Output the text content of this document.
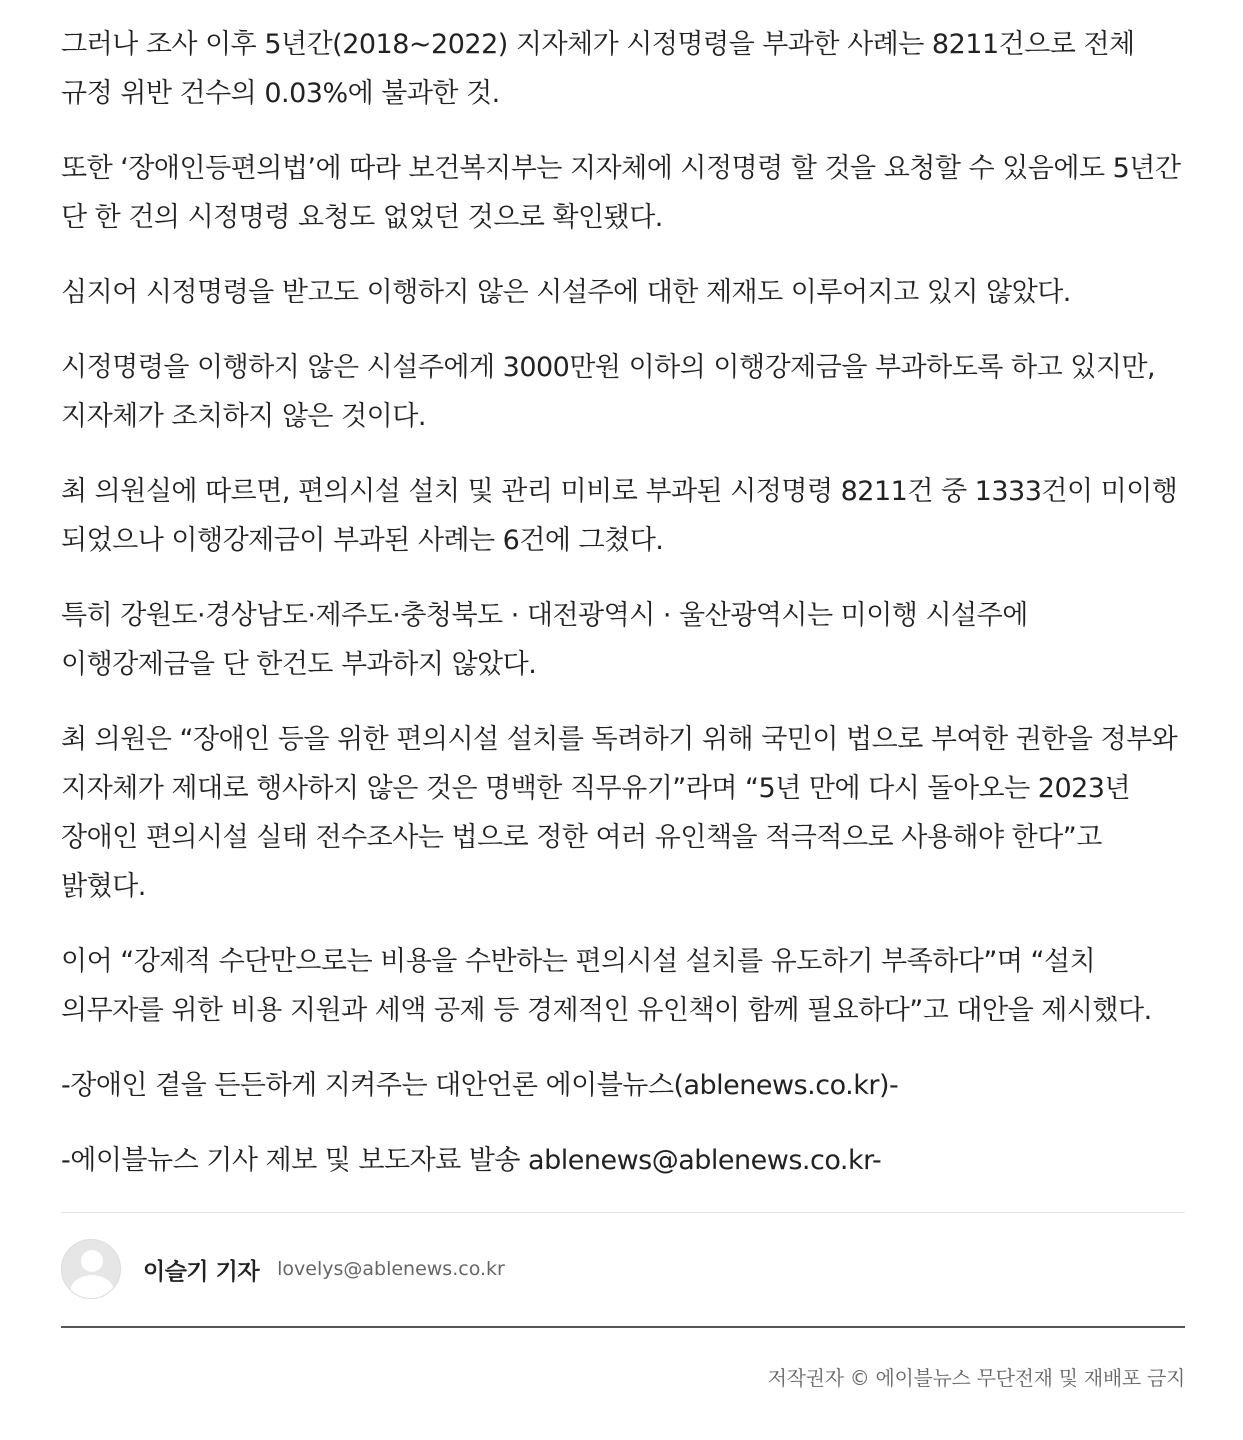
그러나 조사 이후 5년간(2018~2022) 지자체가 시정명령을 부과한 사례는 8211건으로 전체 규정 위반 건수의 0.03%에 불과한 것.

또한 ‘장애인등편의법’에 따라 보건복지부는 지자체에 시정명령 할 것을 요청할 수 있음에도 5년간 단 한 건의 시정명령 요청도 없었던 것으로 확인됐다.

심지어 시정명령을 받고도 이행하지 않은 시설주에 대한 제재도 이루어지고 있지 않았다.

시정명령을 이행하지 않은 시설주에게 3000만원 이하의 이행강제금을 부과하도록 하고 있지만, 지자체가 조치하지 않은 것이다.

최 의원실에 따르면, 편의시설 설치 및 관리 미비로 부과된 시정명령 8211건 중 1333건이 미이행 되었으나 이행강제금이 부과된 사례는 6건에 그쳤다.

특히 강원도·경상남도·제주도·충청북도 · 대전광역시 · 울산광역시는 미이행 시설주에 이행강제금을 단 한건도 부과하지 않았다.

최 의원은 “장애인 등을 위한 편의시설 설치를 독려하기 위해 국민이 법으로 부여한 권한을 정부와 지자체가 제대로 행사하지 않은 것은 명백한 직무유기”라며 “5년 만에 다시 돌아오는 2023년 장애인 편의시설 실태 전수조사는 법으로 정한 여러 유인책을 적극적으로 사용해야 한다”고 밝혔다.

이어 “강제적 수단만으로는 비용을 수반하는 편의시설 설치를 유도하기 부족하다”며 “설치 의무자를 위한 비용 지원과 세액 공제 등 경제적인 유인책이 함께 필요하다”고 대안을 제시했다.

-장애인 곁을 든든하게 지켜주는 대안언론 에이블뉴스(ablenews.co.kr)-

-에이블뉴스 기사 제보 및 보도자료 발송 ablenews@ablenews.co.kr-

이슬기 기자 lovelys@ablenews.co.kr
저작권자 © 에이블뉴스 무단전재 및 재배포 금지
